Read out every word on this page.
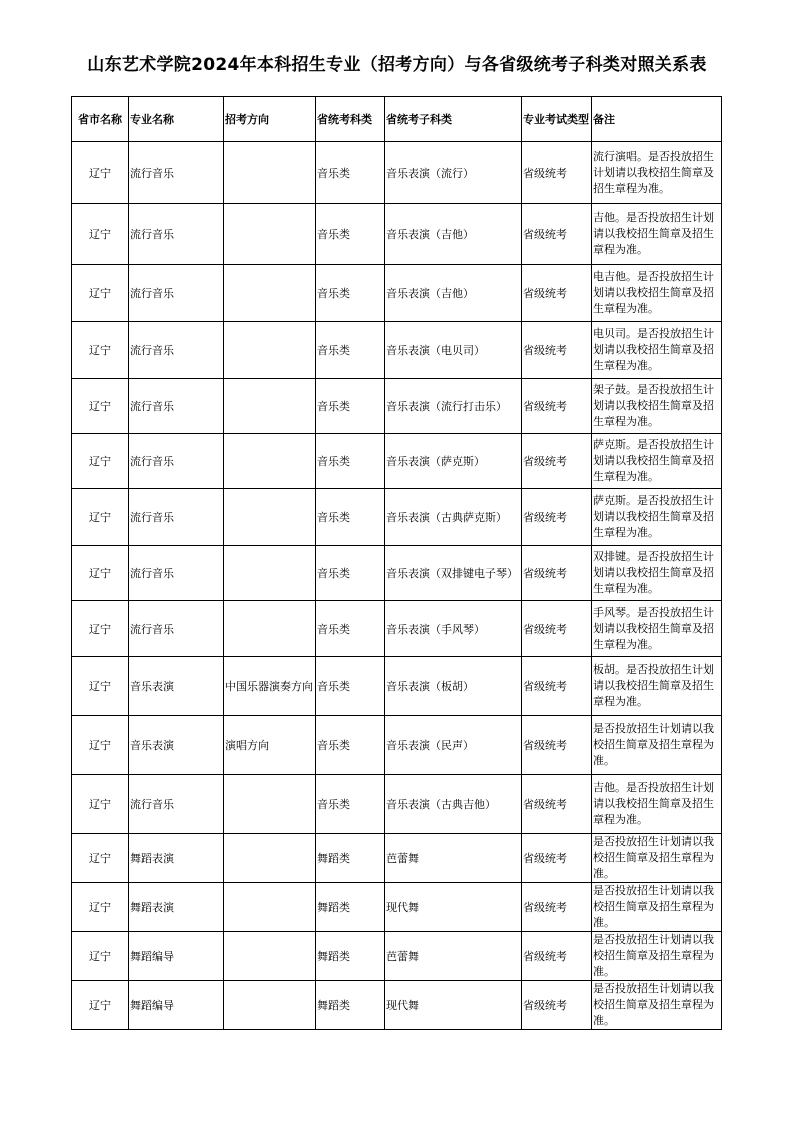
山东艺术学院2024年本科招生专业（招考方向）与各省级统考子科类对照关系表
省市名称	专业名称	招考方向	省统考科类	省统考子科类	专业考试类型	备注
辽宁	流行音乐		音乐类	音乐表演（流行）	省级统考	流行演唱。是否投放招生计划请以我校招生简章及招生章程为准。
辽宁	流行音乐		音乐类	音乐表演（吉他）	省级统考	吉他。是否投放招生计划请以我校招生简章及招生章程为准。
辽宁	流行音乐		音乐类	音乐表演（吉他）	省级统考	电吉他。是否投放招生计划请以我校招生简章及招生章程为准。
辽宁	流行音乐		音乐类	音乐表演（电贝司）	省级统考	电贝司。是否投放招生计划请以我校招生简章及招生章程为准。
辽宁	流行音乐		音乐类	音乐表演（流行打击乐）	省级统考	架子鼓。是否投放招生计划请以我校招生简章及招生章程为准。
辽宁	流行音乐		音乐类	音乐表演（萨克斯）	省级统考	萨克斯。是否投放招生计划请以我校招生简章及招生章程为准。
辽宁	流行音乐		音乐类	音乐表演（古典萨克斯）	省级统考	萨克斯。是否投放招生计划请以我校招生简章及招生章程为准。
辽宁	流行音乐		音乐类	音乐表演（双排键电子琴）	省级统考	双排键。是否投放招生计划请以我校招生简章及招生章程为准。
辽宁	流行音乐		音乐类	音乐表演（手风琴）	省级统考	手风琴。是否投放招生计划请以我校招生简章及招生章程为准。
辽宁	音乐表演	中国乐器演奏方向	音乐类	音乐表演（板胡）	省级统考	板胡。是否投放招生计划请以我校招生简章及招生章程为准。
辽宁	音乐表演	演唱方向	音乐类	音乐表演（民声）	省级统考	是否投放招生计划请以我校招生简章及招生章程为准。
辽宁	流行音乐		音乐类	音乐表演（古典吉他）	省级统考	吉他。是否投放招生计划请以我校招生简章及招生章程为准。
辽宁	舞蹈表演		舞蹈类	芭蕾舞	省级统考	是否投放招生计划请以我校招生简章及招生章程为准。
辽宁	舞蹈表演		舞蹈类	现代舞	省级统考	是否投放招生计划请以我校招生简章及招生章程为准。
辽宁	舞蹈编导		舞蹈类	芭蕾舞	省级统考	是否投放招生计划请以我校招生简章及招生章程为准。
辽宁	舞蹈编导		舞蹈类	现代舞	省级统考	是否投放招生计划请以我校招生简章及招生章程为准。
